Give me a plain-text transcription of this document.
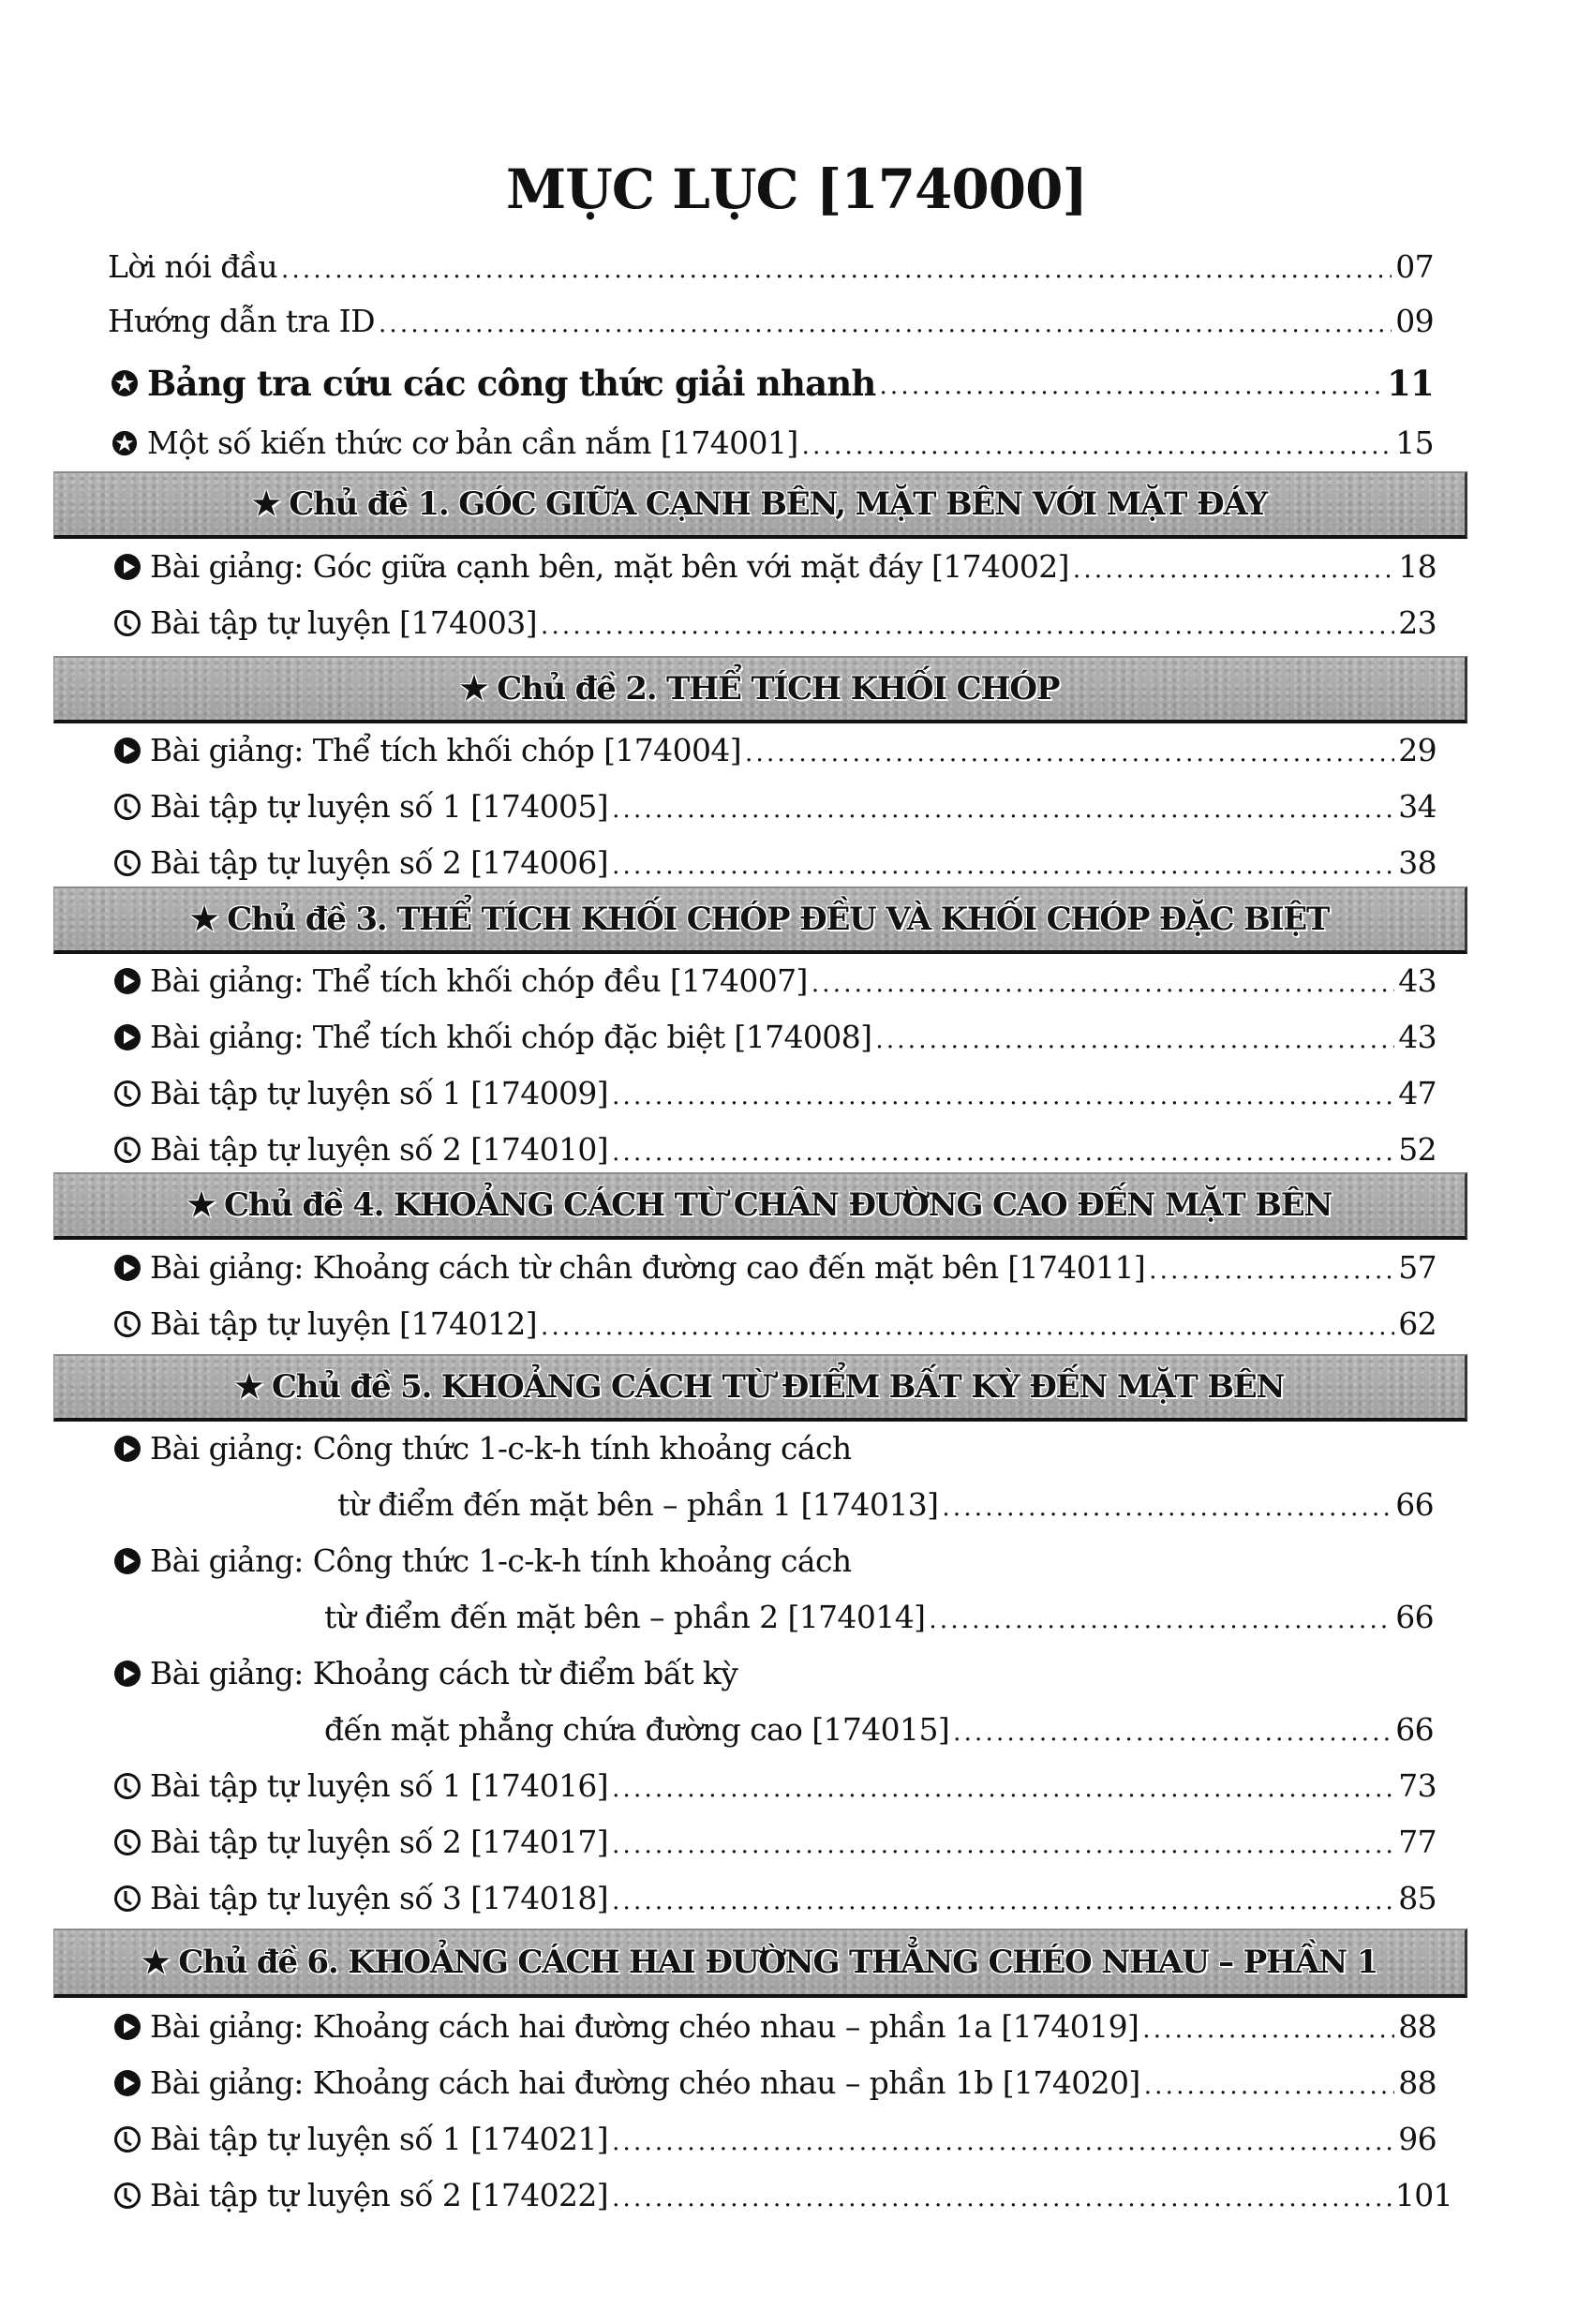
MỤC LỤC [174000]
Lời nói đầu .....	07
Hướng dẫn tra ID .....	09
Bảng tra cứu các công thức giải nhanh .....	11
Một số kiến thức cơ bản cần nắm [174001] .....	15
★ Chủ đề 1. GÓC GIỮA CẠNH BÊN, MẶT BÊN VỚI MẶT ĐÁY
Bài giảng: Góc giữa cạnh bên, mặt bên với mặt đáy [174002] .....	18
Bài tập tự luyện [174003] .....	23
★ Chủ đề 2. THỂ TÍCH KHỐI CHÓP
Bài giảng: Thể tích khối chóp [174004] .....	29
Bài tập tự luyện số 1 [174005] .....	34
Bài tập tự luyện số 2 [174006] .....	38
★ Chủ đề 3. THỂ TÍCH KHỐI CHÓP ĐỀU VÀ KHỐI CHÓP ĐẶC BIỆT
Bài giảng: Thể tích khối chóp đều [174007] .....	43
Bài giảng: Thể tích khối chóp đặc biệt [174008] .....	43
Bài tập tự luyện số 1 [174009] .....	47
Bài tập tự luyện số 2 [174010] .....	52
★ Chủ đề 4. KHOẢNG CÁCH TỪ CHÂN ĐƯỜNG CAO ĐẾN MẶT BÊN
Bài giảng: Khoảng cách từ chân đường cao đến mặt bên [174011] .....	57
Bài tập tự luyện [174012] .....	62
★ Chủ đề 5. KHOẢNG CÁCH TỪ ĐIỂM BẤT KỲ ĐẾN MẶT BÊN
Bài giảng: Công thức 1-c-k-h tính khoảng cách
từ điểm đến mặt bên – phần 1 [174013] .....	66
Bài giảng: Công thức 1-c-k-h tính khoảng cách
từ điểm đến mặt bên – phần 2 [174014] .....	66
Bài giảng: Khoảng cách từ điểm bất kỳ
đến mặt phẳng chứa đường cao [174015] .....	66
Bài tập tự luyện số 1 [174016] .....	73
Bài tập tự luyện số 2 [174017] .....	77
Bài tập tự luyện số 3 [174018] .....	85
★ Chủ đề 6. KHOẢNG CÁCH HAI ĐƯỜNG THẲNG CHÉO NHAU – PHẦN 1
Bài giảng: Khoảng cách hai đường chéo nhau – phần 1a [174019] .....	88
Bài giảng: Khoảng cách hai đường chéo nhau – phần 1b [174020] .....	88
Bài tập tự luyện số 1 [174021] .....	96
Bài tập tự luyện số 2 [174022] .....	101
